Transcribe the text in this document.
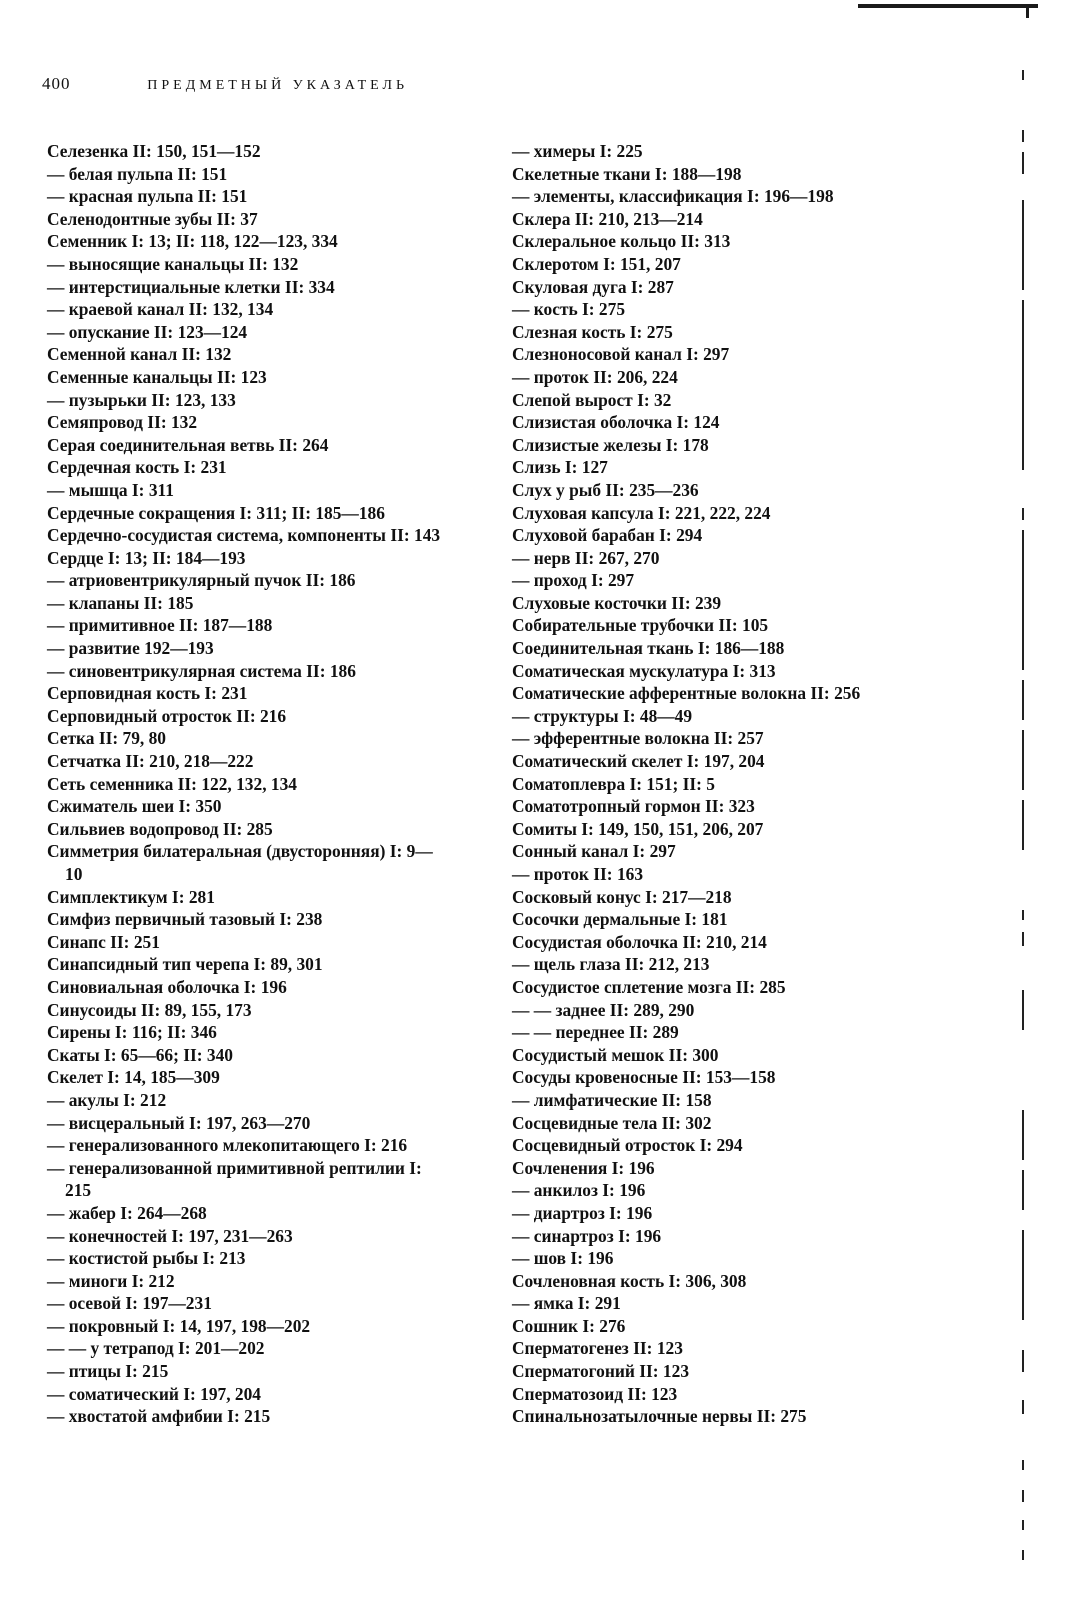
400	ПРЕДМЕТНЫЙ УКАЗАТЕЛЬ
Селезенка II: 150, 151—152
— белая пульпа II: 151
— красная пульпа II: 151
Селенодонтные зубы II: 37
Семенник I: 13; II: 118, 122—123, 334
— выносящие канальцы II: 132
— интерстициальные клетки II: 334
— краевой канал II: 132, 134
— опускание II: 123—124
Семенной канал II: 132
Семенные канальцы II: 123
— пузырьки II: 123, 133
Семяпровод II: 132
Серая соединительная ветвь II: 264
Сердечная кость I: 231
— мышца I: 311
Сердечные сокращения I: 311; II: 185—186
Сердечно-сосудистая система, компоненты II: 143
Сердце I: 13; II: 184—193
— атриовентрикулярный пучок II: 186
— клапаны II: 185
— примитивное II: 187—188
— развитие 192—193
— синовентрикулярная система II: 186
Серповидная кость I: 231
Серповидный отросток II: 216
Сетка II: 79, 80
Сетчатка II: 210, 218—222
Сеть семенника II: 122, 132, 134
Сжиматель шеи I: 350
Сильвиев водопровод II: 285
Симметрия билатеральная (двусторонняя) I: 9—
10
Симплектикум I: 281
Симфиз первичный тазовый I: 238
Синапс II: 251
Синапсидный тип черепа I: 89, 301
Синовиальная оболочка I: 196
Синусоиды II: 89, 155, 173
Сирены I: 116; II: 346
Скаты I: 65—66; II: 340
Скелет I: 14, 185—309
— акулы I: 212
— висцеральный I: 197, 263—270
— генерализованного млекопитающего I: 216
— генерализованной примитивной рептилии I:
215
— жабер I: 264—268
— конечностей I: 197, 231—263
— костистой рыбы I: 213
— миноги I: 212
— осевой I: 197—231
— покровный I: 14, 197, 198—202
— — у тетрапод I: 201—202
— птицы I: 215
— соматический I: 197, 204
— хвостатой амфибии I: 215
— химеры I: 225
Скелетные ткани I: 188—198
— элементы, классификация I: 196—198
Склера II: 210, 213—214
Склеральное кольцо II: 313
Склеротом I: 151, 207
Скуловая дуга I: 287
— кость I: 275
Слезная кость I: 275
Слезноносовой канал I: 297
— проток II: 206, 224
Слепой вырост I: 32
Слизистая оболочка I: 124
Слизистые железы I: 178
Слизь I: 127
Слух у рыб II: 235—236
Слуховая капсула I: 221, 222, 224
Слуховой барабан I: 294
— нерв II: 267, 270
— проход I: 297
Слуховые косточки II: 239
Собирательные трубочки II: 105
Соединительная ткань I: 186—188
Соматическая мускулатура I: 313
Соматические афферентные волокна II: 256
— структуры I: 48—49
— эфферентные волокна II: 257
Соматический скелет I: 197, 204
Соматоплевра I: 151; II: 5
Соматотропный гормон II: 323
Сомиты I: 149, 150, 151, 206, 207
Сонный канал I: 297
— проток II: 163
Сосковый конус I: 217—218
Сосочки дермальные I: 181
Сосудистая оболочка II: 210, 214
— щель глаза II: 212, 213
Сосудистое сплетение мозга II: 285
— — заднее II: 289, 290
— — переднее II: 289
Сосудистый мешок II: 300
Сосуды кровеносные II: 153—158
— лимфатические II: 158
Сосцевидные тела II: 302
Сосцевидный отросток I: 294
Сочленения I: 196
— анкилоз I: 196
— диартроз I: 196
— синартроз I: 196
— шов I: 196
Сочленовная кость I: 306, 308
— ямка I: 291
Сошник I: 276
Сперматогенез II: 123
Сперматогоний II: 123
Сперматозоид II: 123
Спинальнозатылочные нервы II: 275
